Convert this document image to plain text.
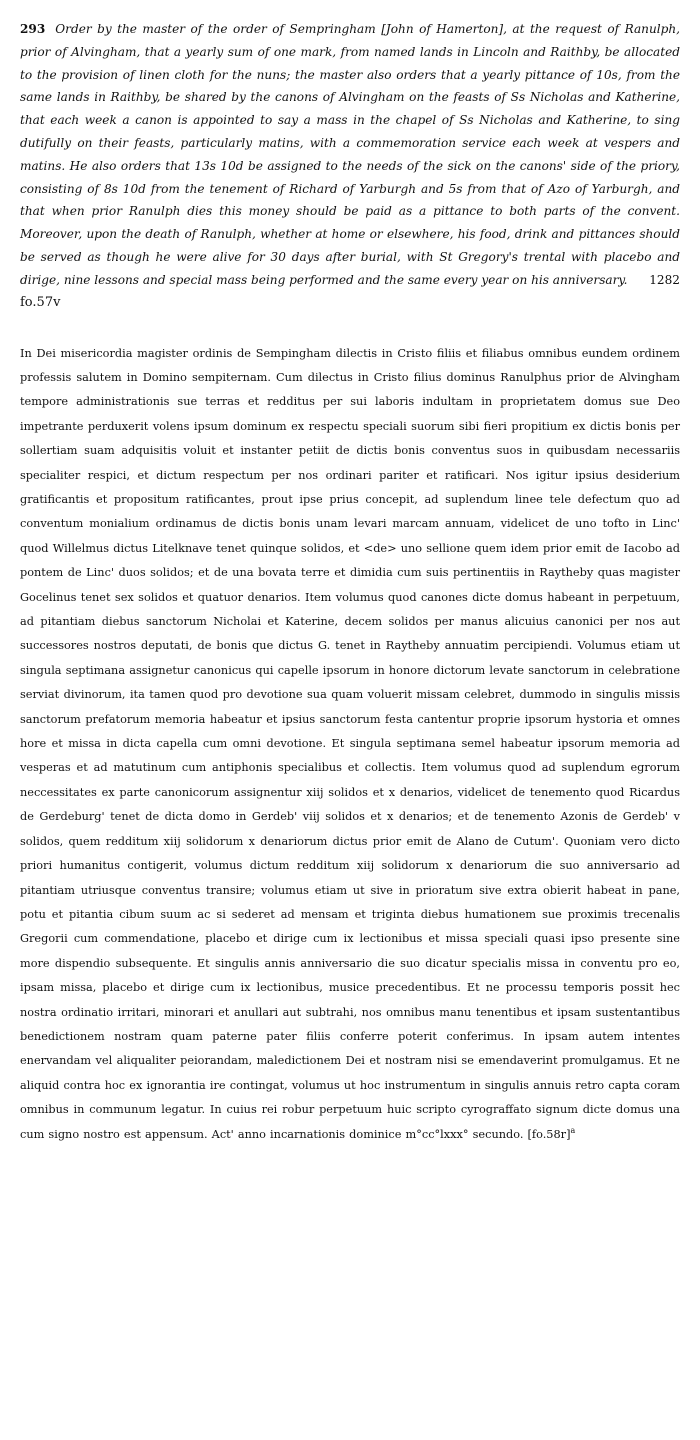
293 Order by the master of the order of Sempringham [John of Hamerton], at the request of Ranulph, prior of Alvingham, that a yearly sum of one mark, from named lands in Lincoln and Raithby, be allocated to the provision of linen cloth for the nuns; the master also orders that a yearly pittance of 10s, from the same lands in Raithby, be shared by the canons of Alvingham on the feasts of Ss Nicholas and Katherine, that each week a canon is appointed to say a mass in the chapel of Ss Nicholas and Katherine, to sing dutifully on their feasts, particularly matins, with a commemoration service each week at vespers and matins. He also orders that 13s 10d be assigned to the needs of the sick on the canons' side of the priory, consisting of 8s 10d from the tenement of Richard of Yarburgh and 5s from that of Azo of Yarburgh, and that when prior Ranulph dies this money should be paid as a pittance to both parts of the convent. Moreover, upon the death of Ranulph, whether at home or elsewhere, his food, drink and pittances should be served as though he were alive for 30 days after burial, with St Gregory's trental with placebo and dirige, nine lessons and special mass being performed and the same every year on his anniversary. 1282

fo.57v

In Dei misericordia magister ordinis de Sempingham dilectis in Cristo filiis et filiabus omnibus eundem ordinem professis salutem in Domino sempiternam. Cum dilectus in Cristo filius dominus Ranulphus prior de Alvingham tempore administrationis sue terras et redditus per sui laboris indultam in proprietatem domus sue Deo impetrante perduxerit volens ipsum dominum ex respectu speciali suorum sibi fieri propitium ex dictis bonis per sollertiam suam adquisitis voluit et instanter petiit de dictis bonis conventus suos in quibusdam necessariis specialiter respici, et dictum respectum per nos ordinari pariter et ratificari. Nos igitur ipsius desiderium gratificantis et propositum ratificantes, prout ipse prius concepit, ad suplendum linee tele defectum quo ad conventum monialium ordinamus de dictis bonis unam levari marcam annuam, videlicet de uno tofto in Linc' quod Willelmus dictus Litelknave tenet quinque solidos, et <de> uno sellione quem idem prior emit de Iacobo ad pontem de Linc' duos solidos; et de una bovata terre et dimidia cum suis pertinentiis in Raytheby quas magister Gocelinus tenet sex solidos et quatuor denarios. Item volumus quod canones dicte domus habeant in perpetuum, ad pitantiam diebus sanctorum Nicholai et Katerine, decem solidos per manus alicuius canonici per nos aut successores nostros deputati, de bonis que dictus G. tenet in Raytheby annuatim percipiendi. Volumus etiam ut singula septimana assignetur canonicus qui capelle ipsorum in honore dictorum levate sanctorum in celebratione serviat divinorum, ita tamen quod pro devotione sua quam voluerit missam celebret, dummodo in singulis missis sanctorum prefatorum memoria habeatur et ipsius sanctorum festa cantentur proprie ipsorum hystoria et omnes hore et missa in dicta capella cum omni devotione. Et singula septimana semel habeatur ipsorum memoria ad vesperas et ad matutinum cum antiphonis specialibus et collectis. Item volumus quod ad suplendum egrorum neccessitates ex parte canonicorum assignentur xiij solidos et x denarios, videlicet de tenemento quod Ricardus de Gerdeburg' tenet de dicta domo in Gerdeb' viij solidos et x denarios; et de tenemento Azonis de Gerdeb' v solidos, quem redditum xiij solidorum x denariorum dictus prior emit de Alano de Cutum'. Quoniam vero dicto priori humanitus contigerit, volumus dictum redditum xiij solidorum x denariorum die suo anniversario ad pitantiam utriusque conventus transire; volumus etiam ut sive in prioratum sive extra obierit habeat in pane, potu et pitantia cibum suum ac si sederet ad mensam et triginta diebus humationem sue proximis trecenalis Gregorii cum commendatione, placebo et dirige cum ix lectionibus et missa speciali quasi ipso presente sine more dispendio subsequente. Et singulis annis anniversario die suo dicatur specialis missa in conventu pro eo, ipsam missa, placebo et dirige cum ix lectionibus, musice precedentibus. Et ne processu temporis possit hec nostra ordinatio irritari, minorari et anullari aut subtrahi, nos omnibus manu tenentibus et ipsam sustentantibus benedictionem nostram quam paterne pater filiis conferre poterit conferimus. In ipsam autem intentes enervandam vel aliqualiter peiorandam, maledictionem Dei et nostram nisi se emendaverint promulgamus. Et ne aliquid contra hoc ex ignorantia ire contingat, volumus ut hoc instrumentum in singulis annuis retro capta coram omnibus in communum legatur. In cuius rei robur perpetuum huic scripto cyrograffato signum dicte domus una cum signo nostro est appensum. Act' anno incarnationis dominice m°cc°lxxx° secundo. [fo.58r]$^a$
